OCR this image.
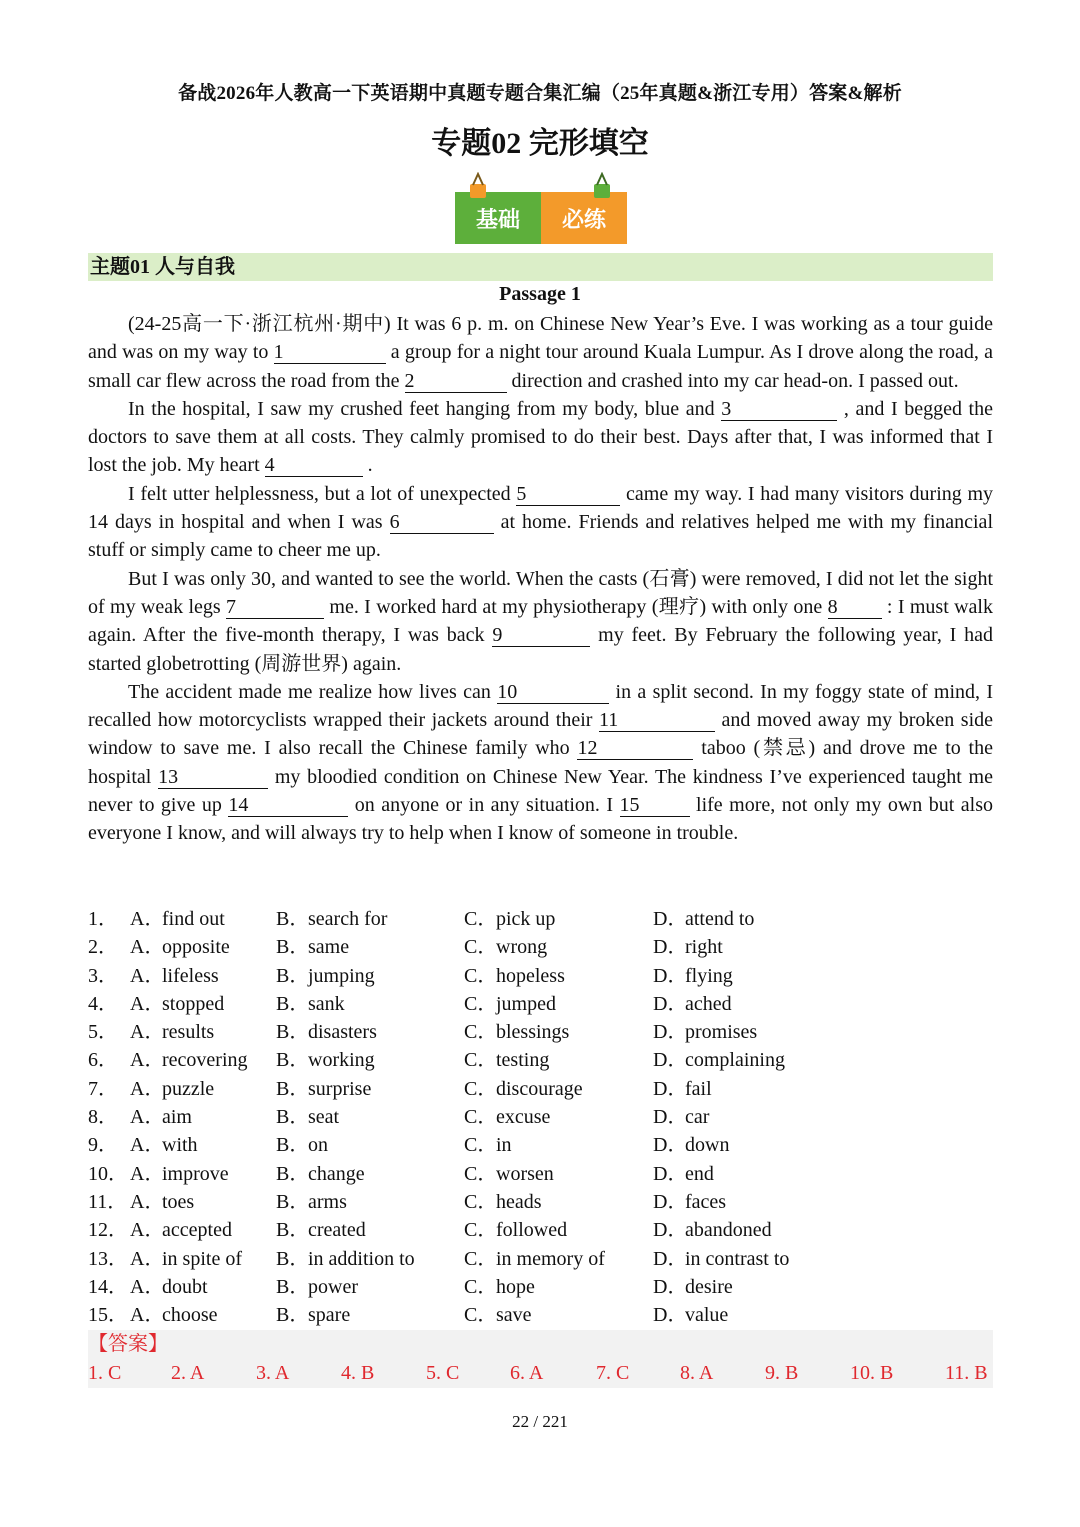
备战2026年人教高一下英语期中真题专题合集汇编（25年真题&浙江专用）答案&解析
专题02 完形填空
基础	必练
主题01 人与自我
Passage 1

(24-25高一下·浙江杭州·期中) It was 6 p. m. on Chinese New Year’s Eve. I was working as a tour guide and was on my way to 1	a group for a night tour around Kuala Lumpur. As I drove along the road, a small car flew across the road from the 2	direction and crashed into my car head-on. I passed out.

In the hospital, I saw my crushed feet hanging from my body, blue and 3	, and I begged the doctors to save them at all costs. They calmly promised to do their best. Days after that, I was informed that I lost the job. My heart 4	.

I felt utter helplessness, but a lot of unexpected 5	came my way. I had many visitors during my 14 days in hospital and when I was 6	at home. Friends and relatives helped me with my financial stuff or simply came to cheer me up.

But I was only 30, and wanted to see the world. When the casts (石膏) were removed, I did not let the sight of my weak legs 7	me. I worked hard at my physiotherapy (理疗) with only one 8 : I must walk again. After the five-month therapy, I was back 9	my feet. By February the following year, I had started globetrotting (周游世界) again.

The accident made me realize how lives can 10	in a split second. In my foggy state of mind, I recalled how motorcyclists wrapped their jackets around their 11	and moved away my broken side window to save me. I also recall the Chinese family who 12	taboo (禁忌) and drove me to the hospital 13	my bloodied condition on Chinese New Year. The kindness I’ve experienced taught me never to give up 14	on anyone or in any situation. I 15	life more, not only my own but also everyone I know, and will always try to help when I know of someone in trouble.

1． A．find out	B．search for	C．pick up	D．attend to
2． A．opposite B．same	C．wrong	D．right
3． A．lifeless	B．jumping	C．hopeless	D．flying
4． A．stopped	B．sank	C．jumped	D．ached
5． A．results	B．disasters	C．blessings	D．promises
6． A．recovering B．working	C．testing	D．complaining
7． A．puzzle	B．surprise	C．discourage	D．fail
8． A．aim	B．seat	C．excuse	D．car
9． A．with	B．on	C．in	D．down
10． A．improve B．change	C．worsen	D．end
11． A．toes	B．arms	C．heads	D．faces
12． A．accepted B．created	C．followed	D．abandoned
13． A．in spite of B．in addition to C．in memory of D．in contrast to
14． A．doubt	B．power	C．hope	D．desire
15． A．choose	B．spare	C．save	D．value
【答案】
1. C 2. A	3. A	4. B	5. C	6. A	7. C	8. A	9. B	10. B	11. B
22 / 221
